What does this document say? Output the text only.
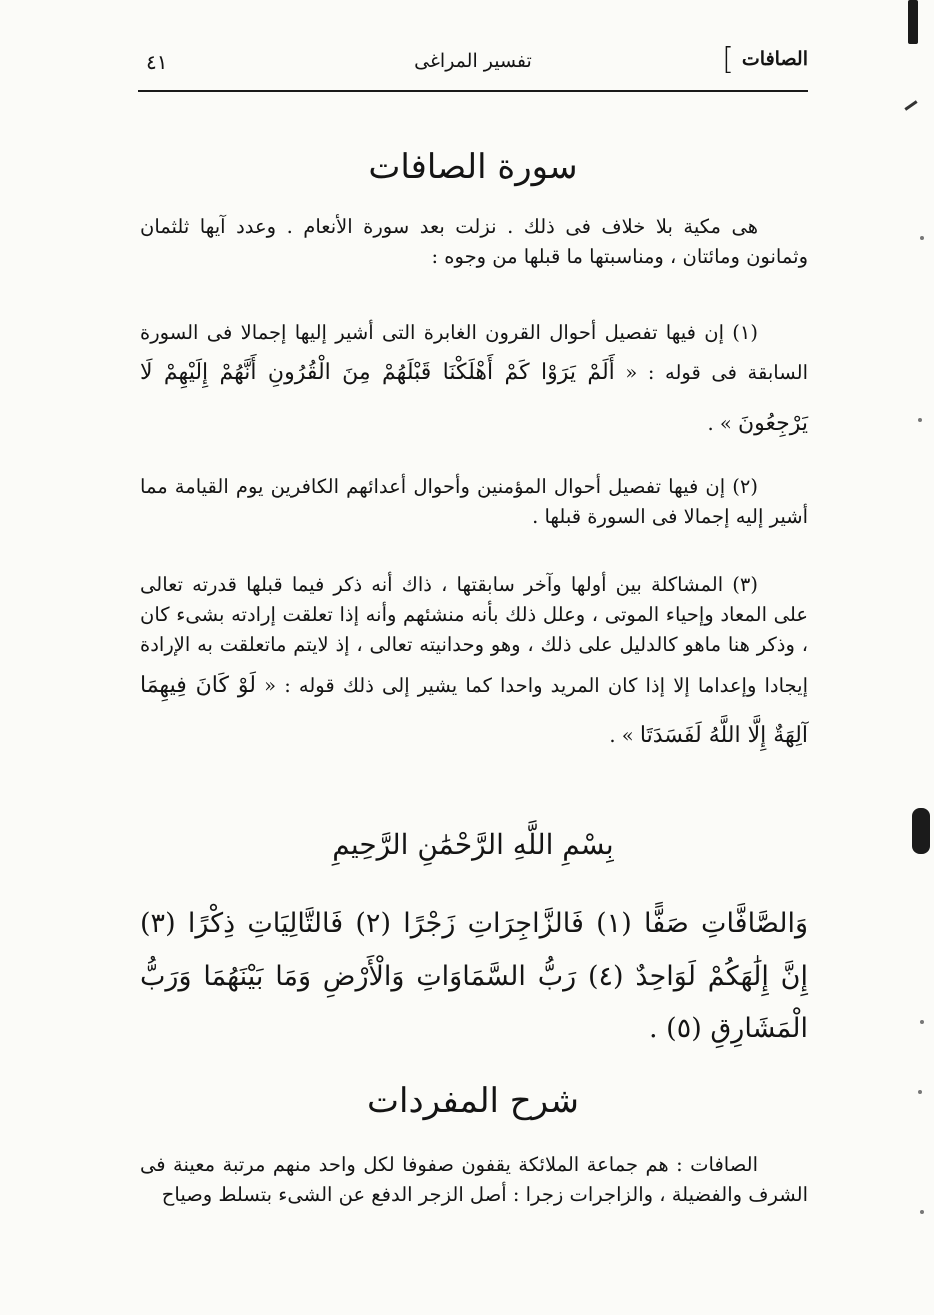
الصافات
]
تفسير المراغى
٤١
سورة الصافات

هى مكية بلا خلاف فى ذلك . نزلت بعد سورة الأنعام . وعدد آيها ثلثمان وثمانون ومائتان ، ومناسبتها ما قبلها من وجوه :

(١) إن فيها تفصيل أحوال القرون الغابرة التى أشير إليها إجمالا فى السورة السابقة فى قوله : « أَلَمْ يَرَوْا كَمْ أَهْلَكْنَا قَبْلَهُمْ مِنَ الْقُرُونِ أَنَّهُمْ إِلَيْهِمْ لَا يَرْجِعُونَ » .

(٢) إن فيها تفصيل أحوال المؤمنين وأحوال أعدائهم الكافرين يوم القيامة مما أشير إليه إجمالا فى السورة قبلها .

(٣) المشاكلة بين أولها وآخر سابقتها ، ذاك أنه ذكر فيما قبلها قدرته تعالى على المعاد وإحياء الموتى ، وعلل ذلك بأنه منشئهم وأنه إذا تعلقت إرادته بشىء كان ، وذكر هنا ماهو كالدليل على ذلك ، وهو وحدانيته تعالى ، إذ لايتم ماتعلقت به الإرادة إيجادا وإعداما إلا إذا كان المريد واحدا كما يشير إلى ذلك قوله : « لَوْ كَانَ فِيهِمَا آلِهَةٌ إِلَّا اللَّهُ لَفَسَدَتَا » .

بِسْمِ اللَّهِ الرَّحْمَٰنِ الرَّحِيمِ

وَالصَّافَّاتِ صَفًّا (١) فَالزَّاجِرَاتِ زَجْرًا (٢) فَالتَّالِيَاتِ ذِكْرًا (٣) إِنَّ إِلَٰهَكُمْ لَوَاحِدٌ (٤) رَبُّ السَّمَاوَاتِ وَالْأَرْضِ وَمَا بَيْنَهُمَا وَرَبُّ الْمَشَارِقِ (٥) .

شرح المفردات

الصافات : هم جماعة الملائكة يقفون صفوفا لكل واحد منهم مرتبة معينة فى الشرف والفضيلة ، والزاجرات زجرا : أصل الزجر الدفع عن الشىء بتسلط وصياح
